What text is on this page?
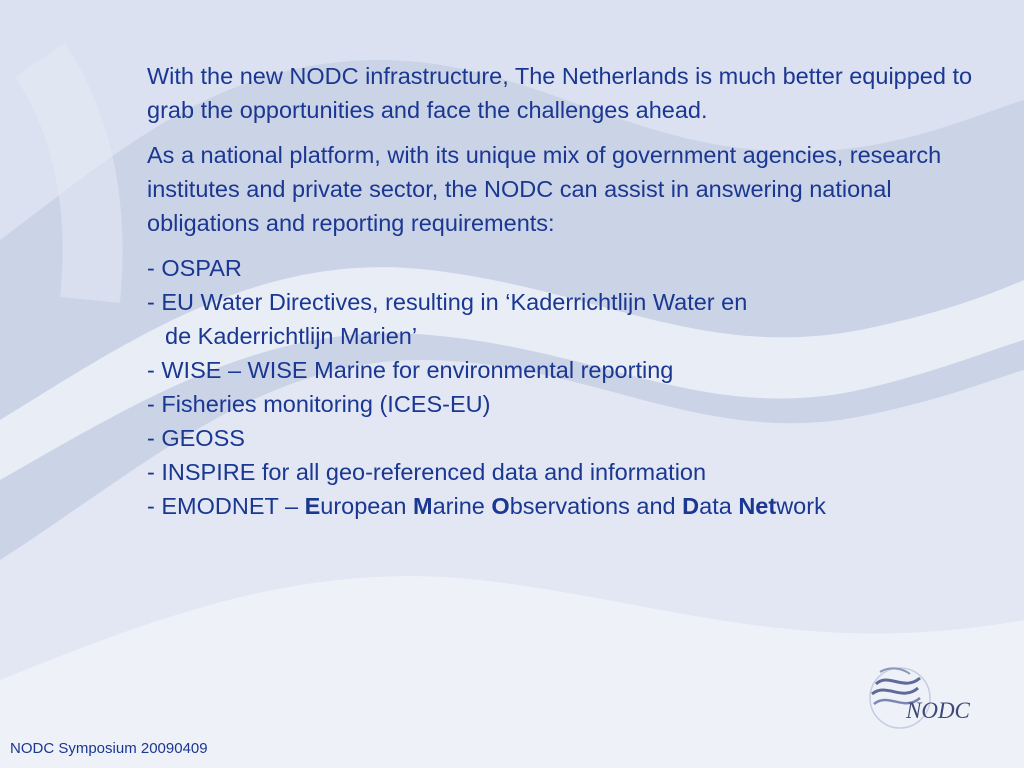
With the new NODC infrastructure, The Netherlands is much better equipped to grab the opportunities and face the challenges ahead.

As a national platform, with its unique mix of government agencies, research institutes and private sector, the NODC can assist in answering national obligations and reporting requirements:

- OSPAR
- EU Water Directives, resulting in ‘Kaderrichtlijn Water en
de Kaderrichtlijn Marien’
- WISE – WISE Marine for environmental reporting
- Fisheries monitoring (ICES-EU)
- GEOSS
- INSPIRE for all geo-referenced data and information
- EMODNET – European Marine Observations and Data Network
NODC Symposium 20090409
NODC
